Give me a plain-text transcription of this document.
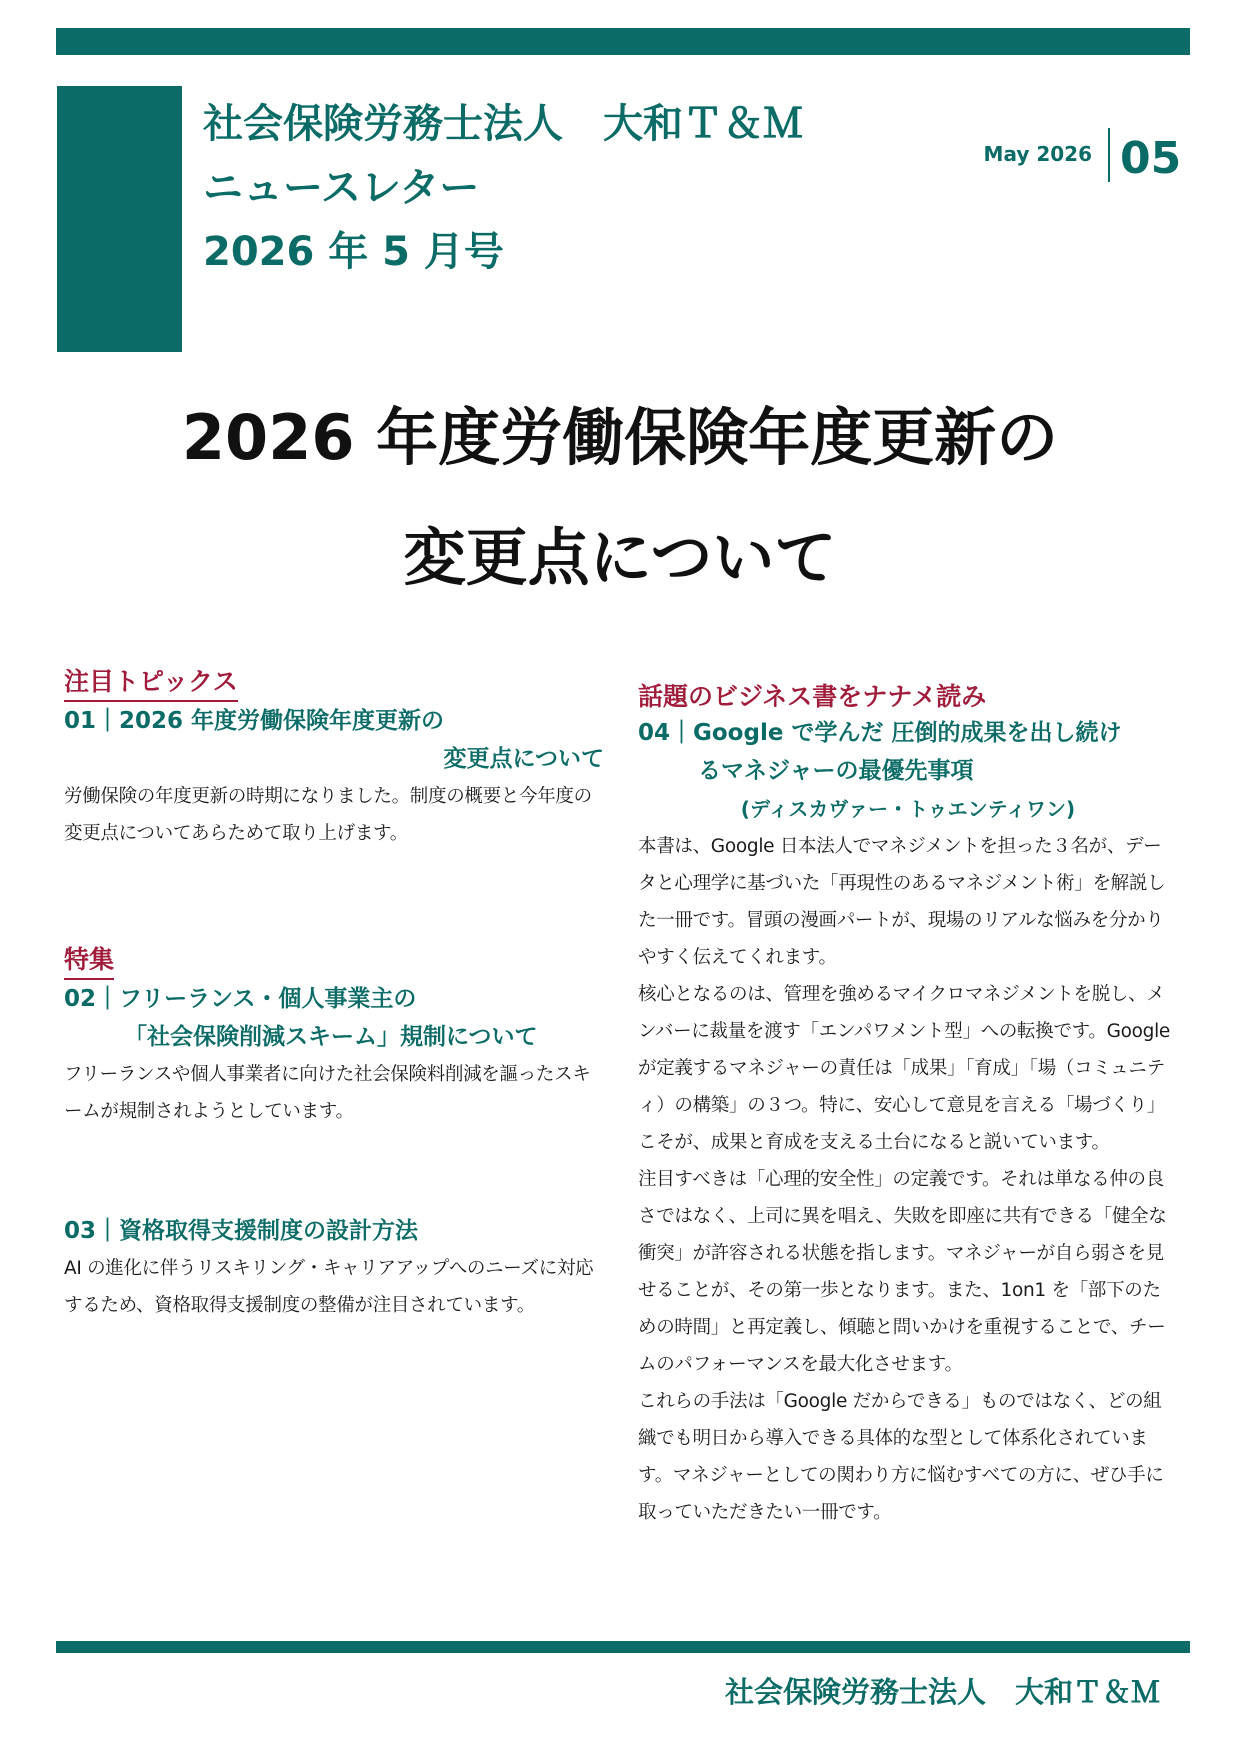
社会保険労務士法人　大和Ｔ＆Ｍ
ニュースレター
2026 年 5 月号
May 2026 05
2026 年度労働保険年度更新の
変更点について
注目トピックス
01｜2026 年度労働保険年度更新の
変更点について
労働保険の年度更新の時期になりました。制度の概要と今年度の変更点についてあらためて取り上げます。
特集
02｜フリーランス・個人事業主の
「社会保険削減スキーム」規制について
フリーランスや個人事業者に向けた社会保険料削減を謳ったスキームが規制されようとしています。
03｜資格取得支援制度の設計方法
AI の進化に伴うリスキリング・キャリアアップへのニーズに対応するため、資格取得支援制度の整備が注目されています。
話題のビジネス書をナナメ読み
04｜Google で学んだ 圧倒的成果を出し続け
るマネジャーの最優先事項
(ディスカヴァー・トゥエンティワン)

本書は、Google 日本法人でマネジメントを担った３名が、データと心理学に基づいた「再現性のあるマネジメント術」を解説した一冊です。冒頭の漫画パートが、現場のリアルな悩みを分かりやすく伝えてくれます。

核心となるのは、管理を強めるマイクロマネジメントを脱し、メンバーに裁量を渡す「エンパワメント型」への転換です。Google が定義するマネジャーの責任は「成果」「育成」「場（コミュニティ）の構築」の３つ。特に、安心して意見を言える「場づくり」こそが、成果と育成を支える土台になると説いています。

注目すべきは「心理的安全性」の定義です。それは単なる仲の良さではなく、上司に異を唱え、失敗を即座に共有できる「健全な衝突」が許容される状態を指します。マネジャーが自ら弱さを見せることが、その第一歩となります。また、1on1 を「部下のための時間」と再定義し、傾聴と問いかけを重視することで、チームのパフォーマンスを最大化させます。

これらの手法は「Google だからできる」ものではなく、どの組織でも明日から導入できる具体的な型として体系化されています。マネジャーとしての関わり方に悩むすべての方に、ぜひ手に取っていただきたい一冊です。

社会保険労務士法人　大和Ｔ＆Ｍ
